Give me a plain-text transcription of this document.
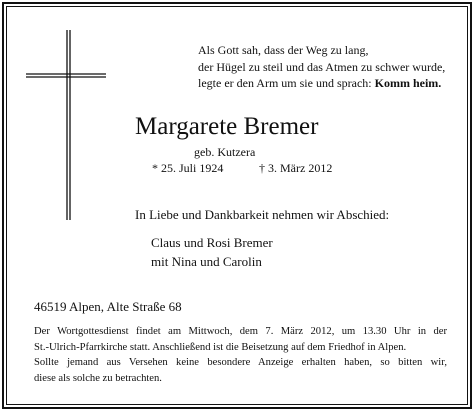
Als Gott sah, dass der Weg zu lang,
der Hügel zu steil und das Atmen zu schwer wurde,
legte er den Arm um sie und sprach: Komm heim.
Margarete Bremer
geb. Kutzera
* 25. Juli 1924	† 3. März 2012
In Liebe und Dankbarkeit nehmen wir Abschied:
Claus und Rosi Bremer
mit Nina und Carolin
46519 Alpen, Alte Straße 68
Der Wortgottesdienst findet am Mittwoch, dem 7. März 2012, um 13.30 Uhr in der
St.-Ulrich-Pfarrkirche statt. Anschließend ist die Beisetzung auf dem Friedhof in Alpen.
Sollte jemand aus Versehen keine besondere Anzeige erhalten haben, so bitten wir,
diese als solche zu betrachten.
